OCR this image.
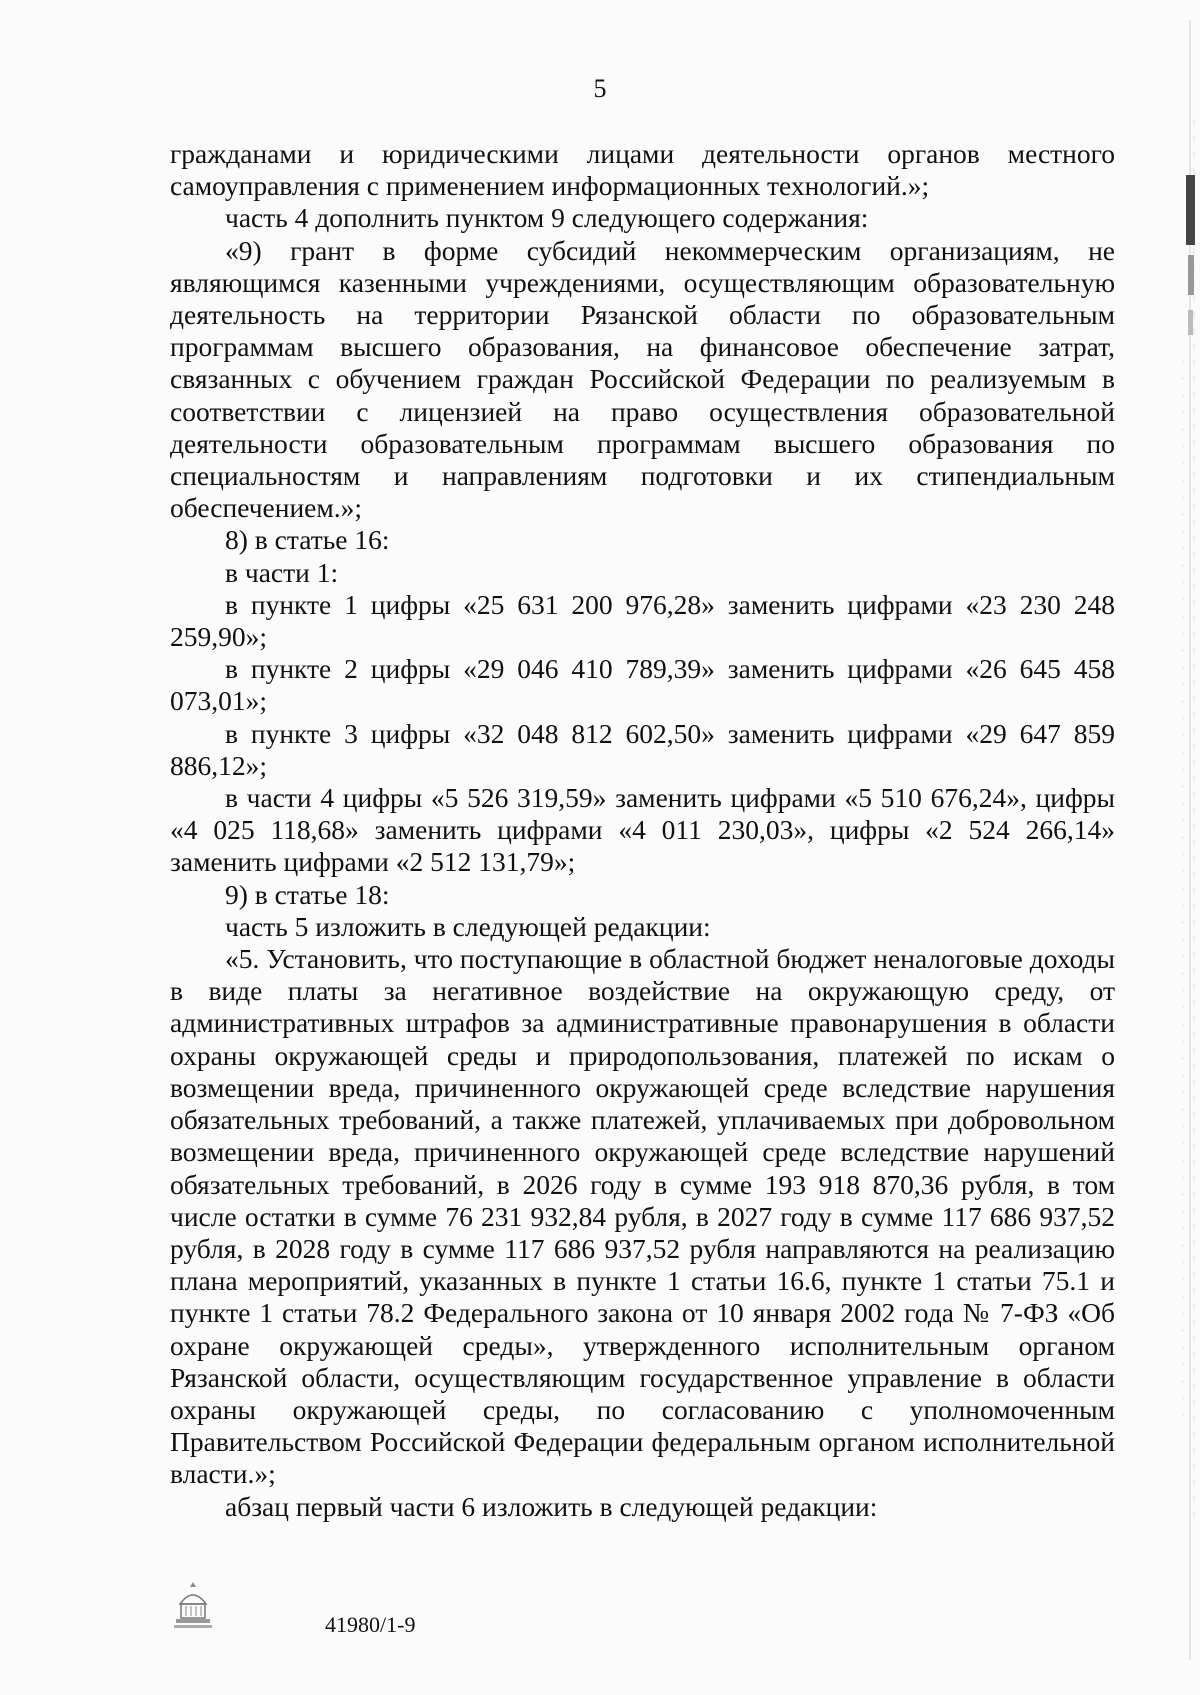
5

гражданами и юридическими лицами деятельности органов местного

самоуправления с применением информационных технологий.»;

часть 4 дополнить пунктом 9 следующего содержания:

«9) грант в форме субсидий некоммерческим организациям, не являющимся казенными учреждениями, осуществляющим образовательную деятельность на территории Рязанской области по образовательным программам высшего образования, на финансовое обеспечение затрат, связанных с обучением граждан Российской Федерации по реализуемым в соответствии с лицензией на право осуществления образовательной деятельности образовательным программам высшего образования по специальностям и направлениям подготовки и их стипендиальным обеспечением.»;

8) в статье 16:

в части 1:

в пункте 1 цифры «25 631 200 976,28» заменить цифрами «23 230 248 259,90»;

в пункте 2 цифры «29 046 410 789,39» заменить цифрами «26 645 458 073,01»;

в пункте 3 цифры «32 048 812 602,50» заменить цифрами «29 647 859 886,12»;

в части 4 цифры «5 526 319,59» заменить цифрами «5 510 676,24», цифры «4 025 118,68» заменить цифрами «4 011 230,03», цифры «2 524 266,14» заменить цифрами «2 512 131,79»;

9) в статье 18:

часть 5 изложить в следующей редакции:

«5. Установить, что поступающие в областной бюджет неналоговые доходы в виде платы за негативное воздействие на окружающую среду, от административных штрафов за административные правонарушения в области охраны окружающей среды и природопользования, платежей по искам о возмещении вреда, причиненного окружающей среде вследствие нарушения обязательных требований, а также платежей, уплачиваемых при добровольном возмещении вреда, причиненного окружающей среде вследствие нарушений обязательных требований, в 2026 году в сумме 193 918 870,36 рубля, в том числе остатки в сумме 76 231 932,84 рубля, в 2027 году в сумме 117 686 937,52 рубля, в 2028 году в сумме 117 686 937,52 рубля направляются на реализацию плана мероприятий, указанных в пункте 1 статьи 16.6, пункте 1 статьи 75.1 и пункте 1 статьи 78.2 Федерального закона от 10 января 2002 года № 7-ФЗ «Об охране окружающей среды», утвержденного исполнительным органом Рязанской области, осуществляющим государственное управление в области охраны окружающей среды, по согласованию с уполномоченным Правительством Российской Федерации федеральным органом исполнительной власти.»;

абзац первый части 6 изложить в следующей редакции:

41980/1-9
